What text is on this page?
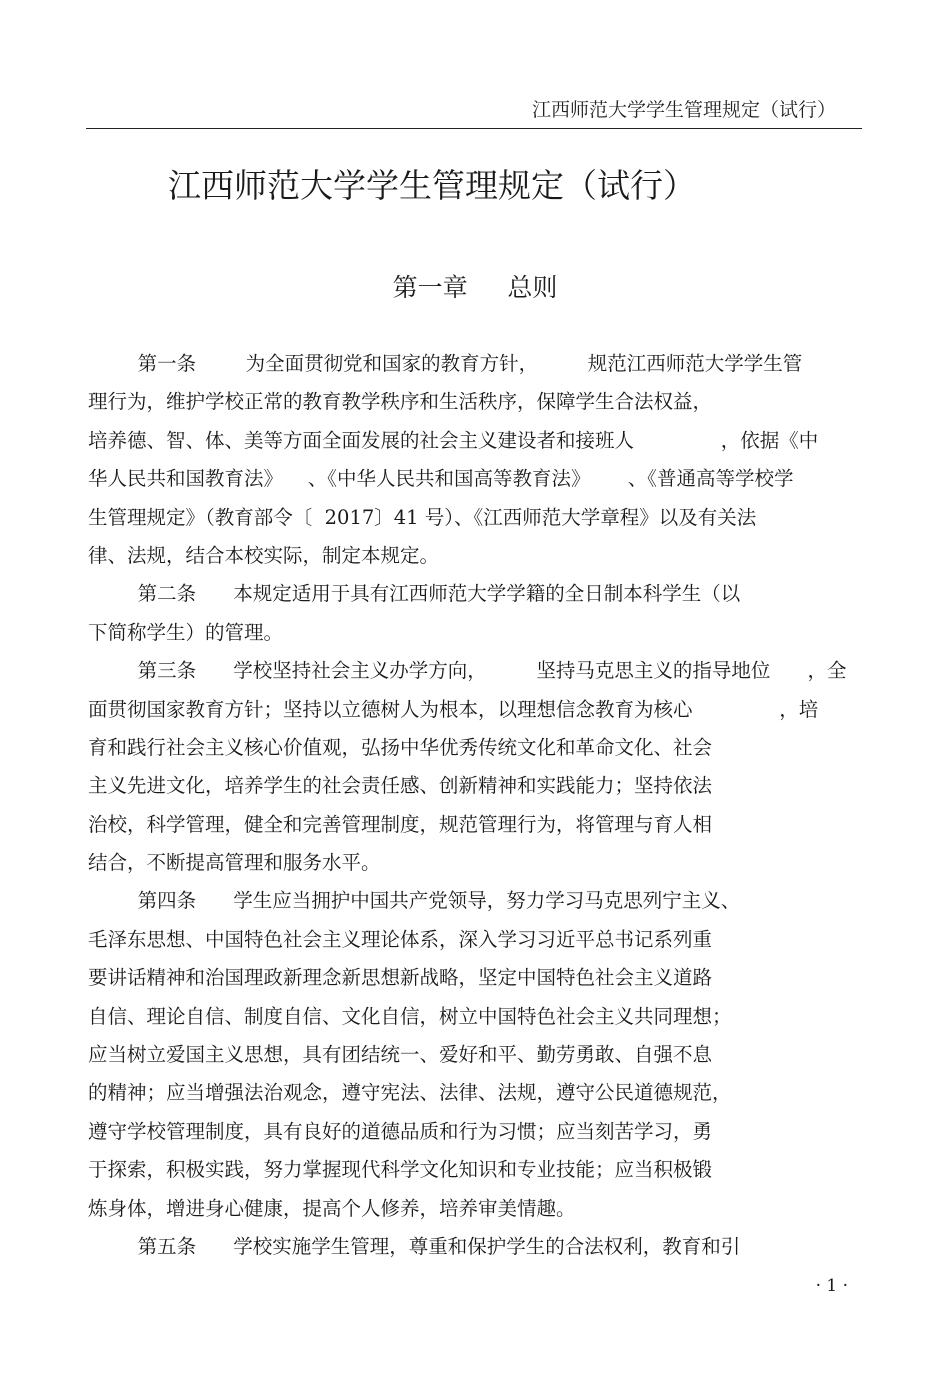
江西师范大学学生管理规定（试行）
江西师范大学学生管理规定（试行）
第一章     总则
第一条        为全面贯彻党和国家的教育方针，        规范江西师范大学学生管
理行为，维护学校正常的教育教学秩序和生活秩序，保障学生合法权益，
培养德、智、体、美等方面全面发展的社会主义建设者和接班人              ，依据《中
华人民共和国教育法》    、《中华人民共和国高等教育法》      、《普通高等学校学
生管理规定》（教育部令〔  2017〕41 号）、《江西师范大学章程》以及有关法
律、法规，结合本校实际，制定本规定。
第二条      本规定适用于具有江西师范大学学籍的全日制本科学生（以
下简称学生）的管理。
第三条      学校坚持社会主义办学方向，        坚持马克思主义的指导地位      ，全
面贯彻国家教育方针；坚持以立德树人为根本，以理想信念教育为核心              ，培
育和践行社会主义核心价值观，弘扬中华优秀传统文化和革命文化、社会
主义先进文化，培养学生的社会责任感、创新精神和实践能力；坚持依法
治校，科学管理，健全和完善管理制度，规范管理行为，将管理与育人相
结合，不断提高管理和服务水平。
第四条      学生应当拥护中国共产党领导，努力学习马克思列宁主义、
毛泽东思想、中国特色社会主义理论体系，深入学习习近平总书记系列重
要讲话精神和治国理政新理念新思想新战略，坚定中国特色社会主义道路
自信、理论自信、制度自信、文化自信，树立中国特色社会主义共同理想；
应当树立爱国主义思想，具有团结统一、爱好和平、勤劳勇敢、自强不息
的精神；应当增强法治观念，遵守宪法、法律、法规，遵守公民道德规范，
遵守学校管理制度，具有良好的道德品质和行为习惯；应当刻苦学习，勇
于探索，积极实践，努力掌握现代科学文化知识和专业技能；应当积极锻
炼身体，增进身心健康，提高个人修养，培养审美情趣。
第五条      学校实施学生管理，尊重和保护学生的合法权利，教育和引
· 1 ·
